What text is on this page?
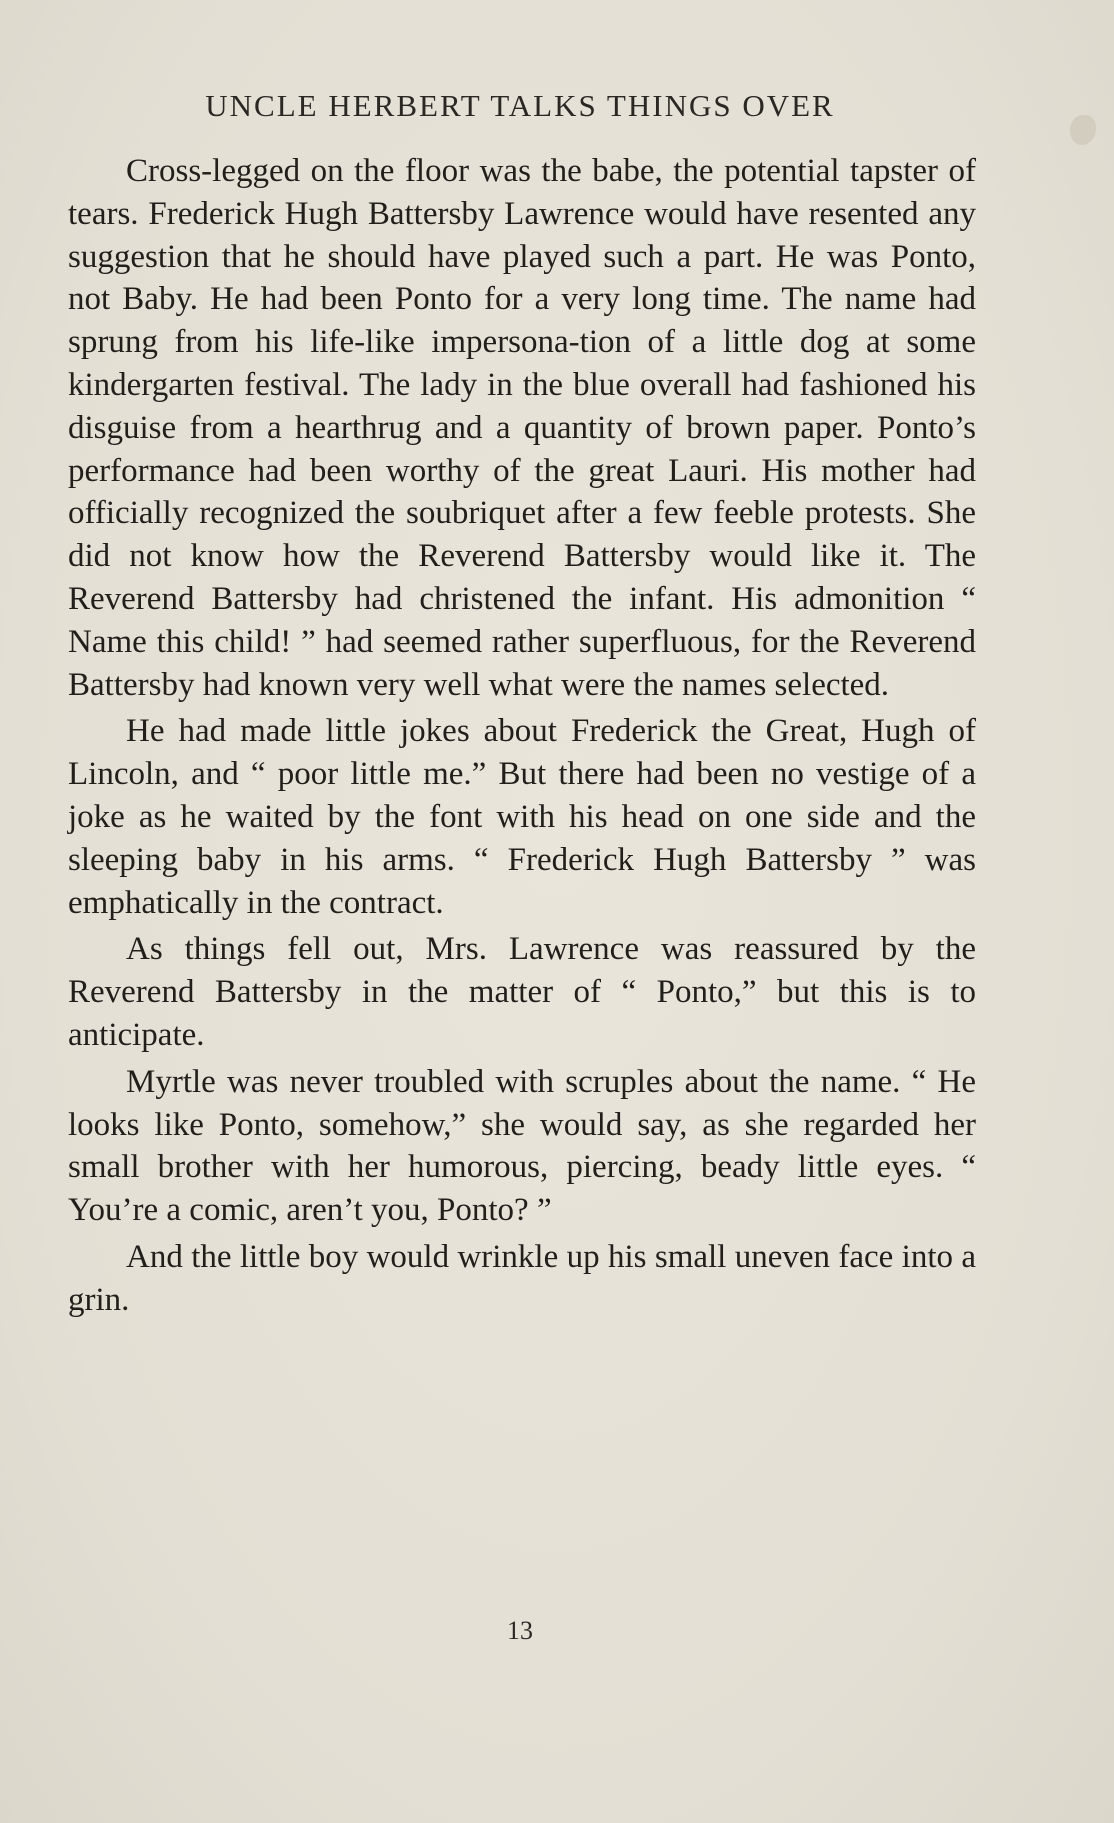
UNCLE HERBERT TALKS THINGS OVER

Cross-legged on the floor was the babe, the potential tapster of tears. Frederick Hugh Battersby Lawrence would have resented any suggestion that he should have played such a part. He was Ponto, not Baby. He had been Ponto for a very long time. The name had sprung from his life-like impersona-tion of a little dog at some kindergarten festival. The lady in the blue overall had fashioned his disguise from a hearthrug and a quantity of brown paper. Ponto’s performance had been worthy of the great Lauri. His mother had officially recognized the soubriquet after a few feeble protests. She did not know how the Reverend Battersby would like it. The Reverend Battersby had christened the infant. His admonition “ Name this child! ” had seemed rather superfluous, for the Reverend Battersby had known very well what were the names selected.

He had made little jokes about Frederick the Great, Hugh of Lincoln, and “ poor little me.” But there had been no vestige of a joke as he waited by the font with his head on one side and the sleeping baby in his arms. “ Frederick Hugh Battersby ” was emphatically in the contract.

As things fell out, Mrs. Lawrence was reassured by the Reverend Battersby in the matter of “ Ponto,” but this is to anticipate.

Myrtle was never troubled with scruples about the name. “ He looks like Ponto, somehow,” she would say, as she regarded her small brother with her humorous, piercing, beady little eyes. “ You’re a comic, aren’t you, Ponto? ”

And the little boy would wrinkle up his small uneven face into a grin.

13
